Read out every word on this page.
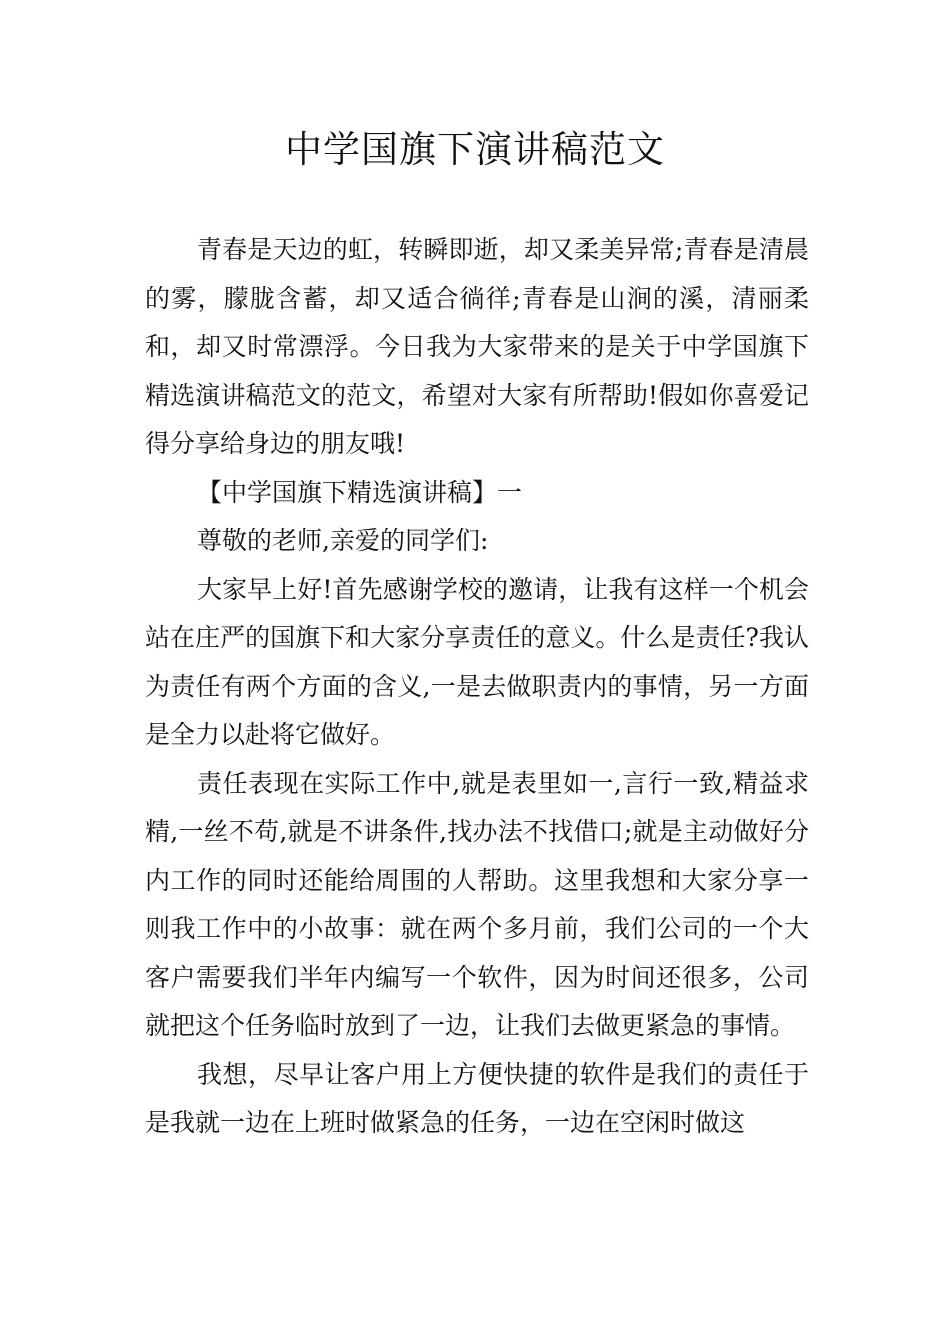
中学国旗下演讲稿范文

青春是天边的虹，转瞬即逝，却又柔美异常;青春是清晨的雾，朦胧含蓄，却又适合徜徉;青春是山涧的溪，清丽柔和，却又时常漂浮。今日我为大家带来的是关于中学国旗下精选演讲稿范文的范文，希望对大家有所帮助!假如你喜爱记得分享给身边的朋友哦!

【中学国旗下精选演讲稿】一

尊敬的老师,亲爱的同学们:

大家早上好!首先感谢学校的邀请，让我有这样一个机会站在庄严的国旗下和大家分享责任的意义。什么是责任?我认为责任有两个方面的含义,一是去做职责内的事情，另一方面是全力以赴将它做好。

责任表现在实际工作中,就是表里如一,言行一致,精益求精,一丝不苟,就是不讲条件,找办法不找借口;就是主动做好分内工作的同时还能给周围的人帮助。这里我想和大家分享一则我工作中的小故事：就在两个多月前，我们公司的一个大客户需要我们半年内编写一个软件，因为时间还很多，公司就把这个任务临时放到了一边，让我们去做更紧急的事情。

我想，尽早让客户用上方便快捷的软件是我们的责任于是我就一边在上班时做紧急的任务，一边在空闲时做这
